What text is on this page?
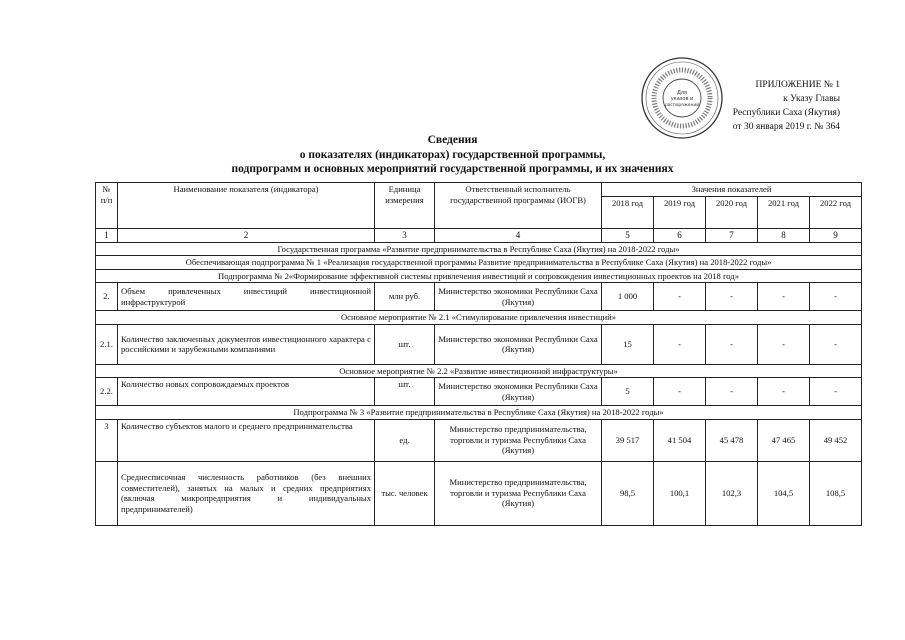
Для
указов и
распоряжений
ПРИЛОЖЕНИЕ № 1
к Указу Главы
Республики Саха (Якутия)
от 30 января 2019 г. № 364
Сведения
о показателях (индикаторах) государственной программы,
подпрограмм и основных мероприятий государственной программы, и их значениях
№ п/п	Наименование показателя (индикатора)	Единица измерения	Ответственный исполнитель государственной программы (ИОГВ)	Значения показателей				
				2018 год	2019 год	2020 год	2021 год	2022 год
1	2	3	4	5	6	7	8	9
Государственная программа «Развитие предпринимательства в Республике Саха (Якутия) на 2018-2022 годы»								
Обеспечивающая подпрограмма № 1 «Реализация государственной программы Развитие предпринимательства в Республике Саха (Якутия) на 2018-2022 годы»								
Подпрограмма № 2«Формирование эффективной системы привлечения инвестиций и сопровождения инвестиционных проектов на 2018 год»								
2.	Объем привлеченных инвестиций инвестиционной инфраструктурой	млн руб.	Министерство экономики Республики Саха (Якутия)	1 000	-	-	-	-
Основное мероприятие № 2.1 «Стимулирование привлечения инвестиций»								
2.1.	Количество заключенных документов инвестиционного характера с российскими и зарубежными компаниями	шт.	Министерство экономики Республики Саха (Якутия)	15	-	-	-	-
Основное мероприятие № 2.2 «Развитие инвестиционной инфраструктуры»								
2.2.	Количество новых сопровождаемых проектов	шт.	Министерство экономики Республики Саха (Якутия)	5	-	-	-	-
Подпрограмма № 3 «Развитие предпринимательства в Республике Саха (Якутия) на 2018-2022 годы»								
3	Количество субъектов малого и среднего предпринимательства	ед.	Министерство предпринимательства, торговли и туризма Республики Саха (Якутия)	39 517	41 504	45 478	47 465	49 452
	Среднесписочная численность работников (без внешних совместителей), занятых на малых и средних предприятиях (включая микропредприятия и индивидуальных предпринимателей)	тыс. человек	Министерство предпринимательства, торговли и туризма Республики Саха (Якутия)	98,5	100,1	102,3	104,5	108,5
